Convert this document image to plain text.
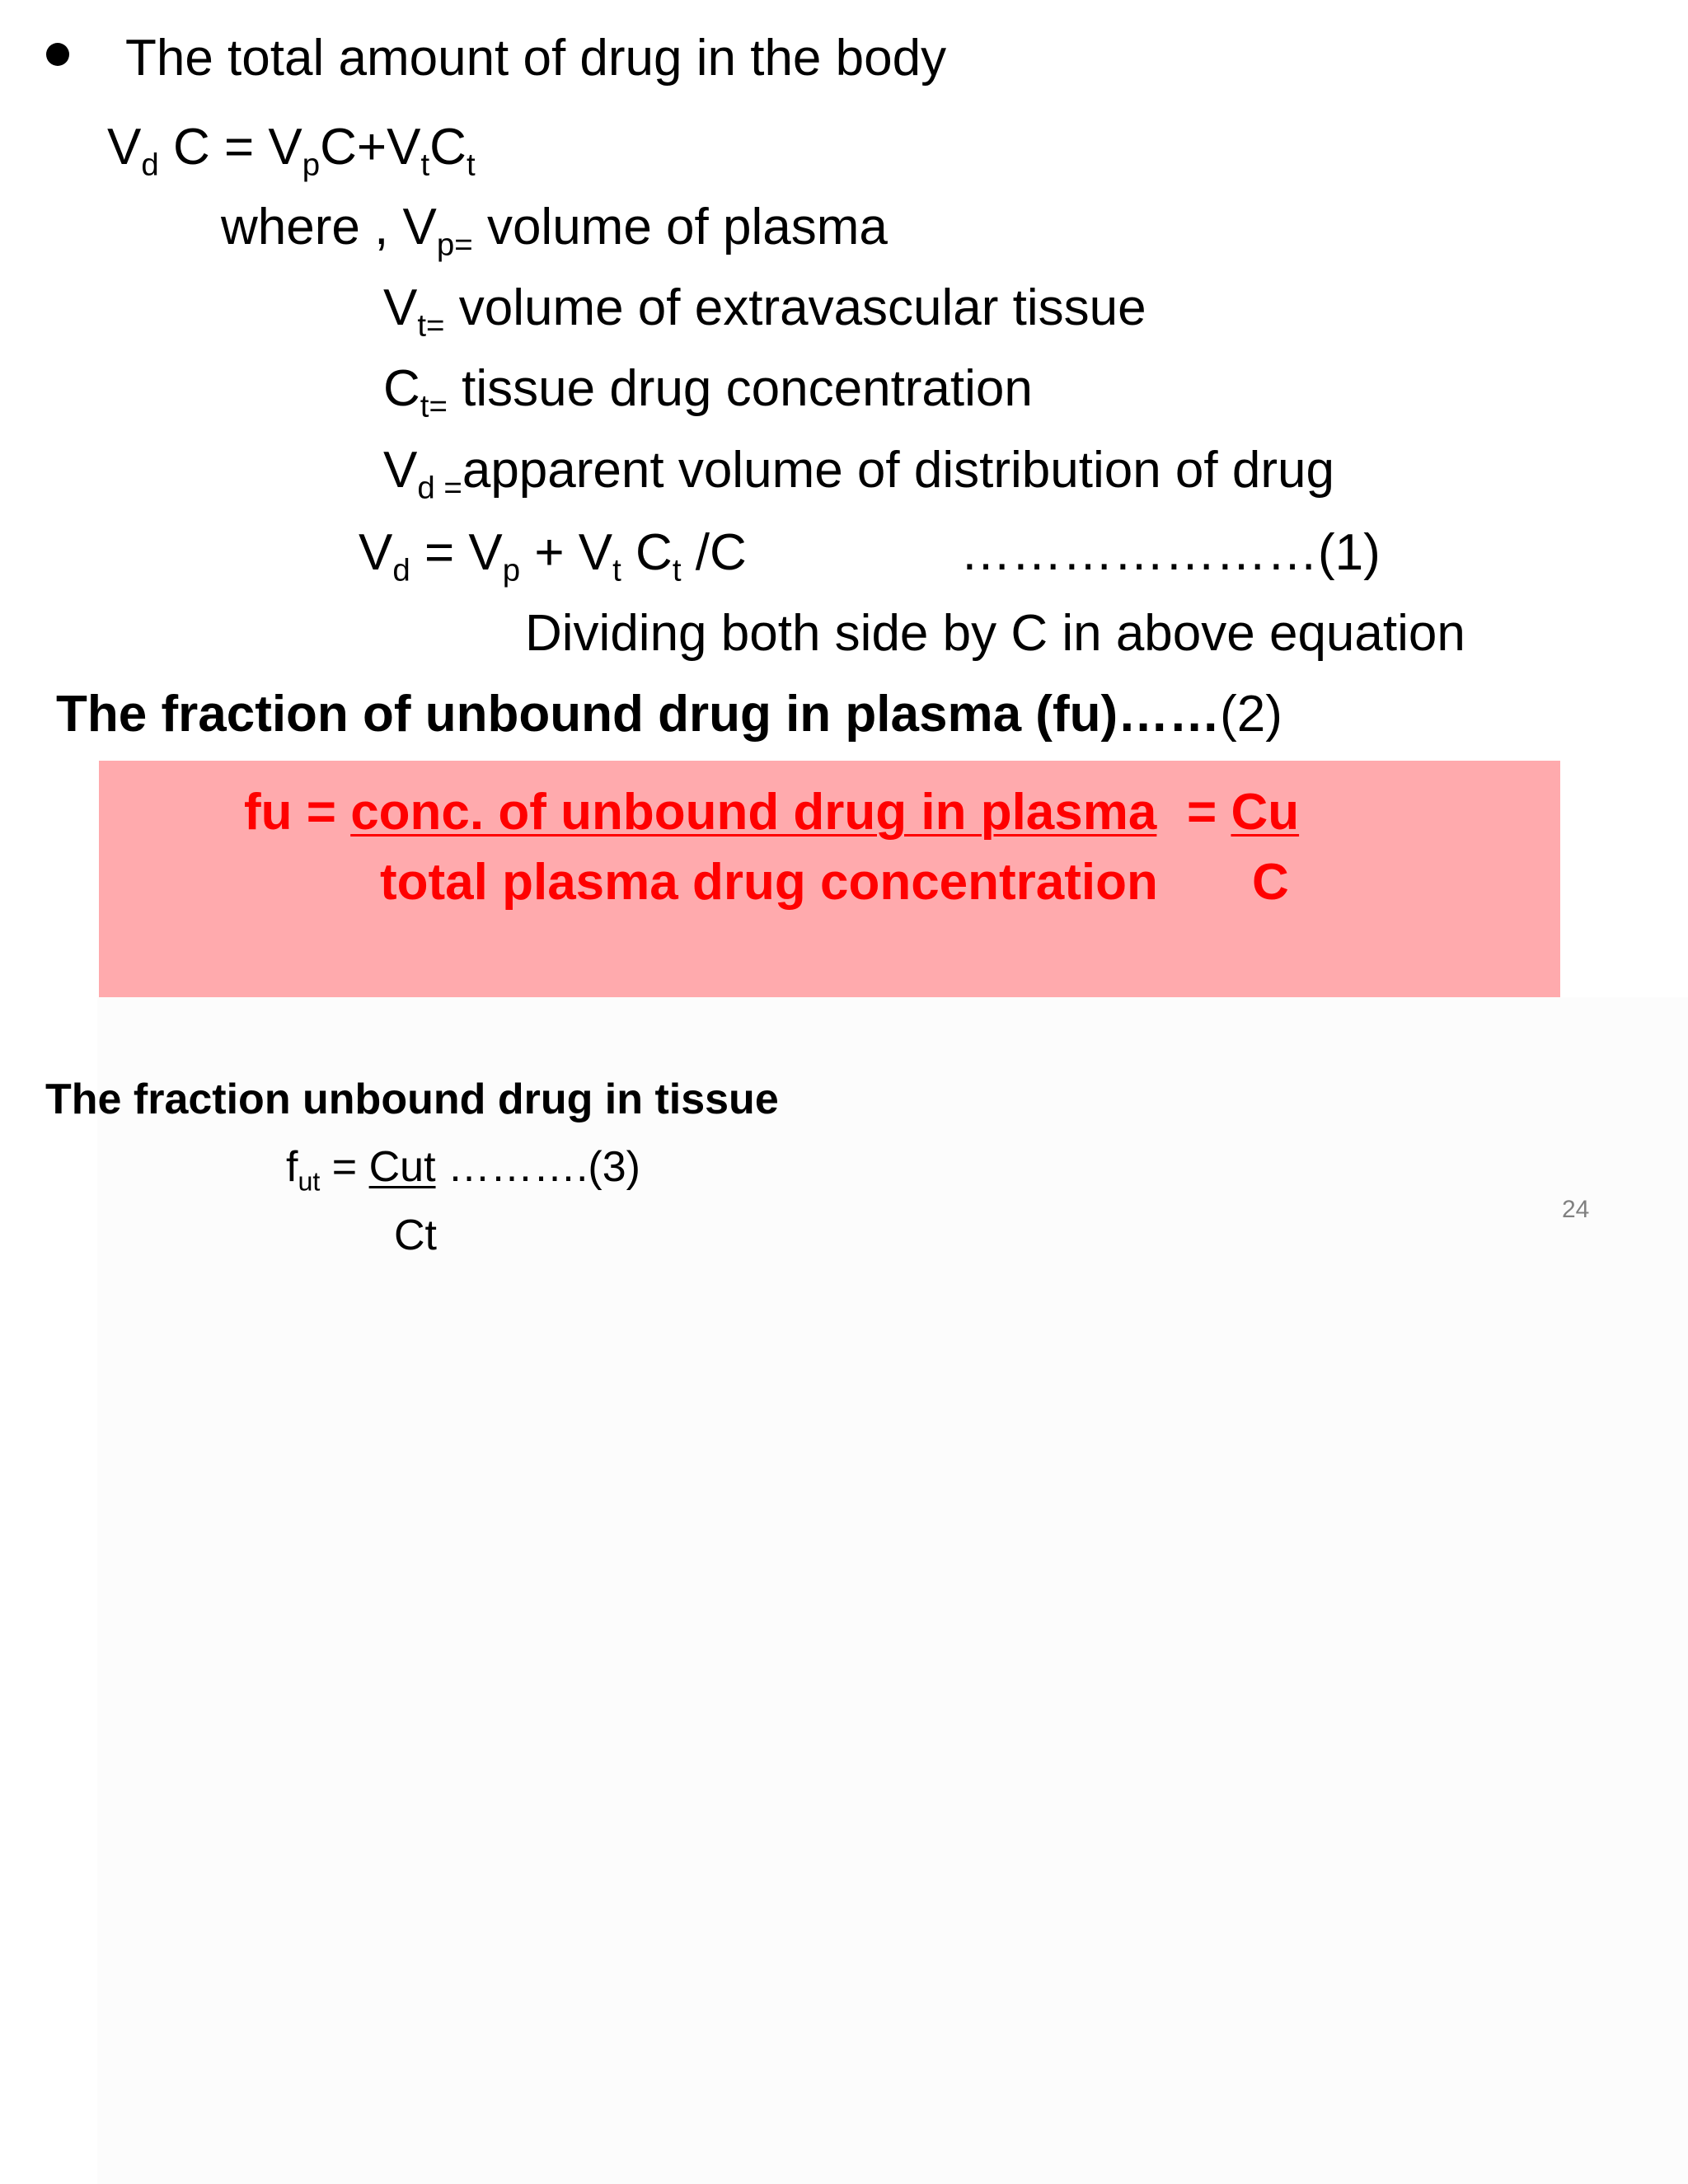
The total amount of drug in the body
$V_d$ $C = V_pC+V_tC_t$
where , $V_{p=}$ volume of plasma
$V_{t=}$ volume of extravascular tissue
$C_{t=}$ tissue drug concentration
$V_{d =}apparent$ volume of distribution of drug
$V_d = V_p + V_t$ $C_t$ /C	…………………(1)
Dividing both side by C in above equation
The fraction of unbound drug in plasma (fu)……(2)
fu = conc. of unbound drug in plasma = Cu
total plasma drug concentration C
The fraction unbound drug in tissue
$f_{ut}$ = Cut ……….(3)
Ct
24
